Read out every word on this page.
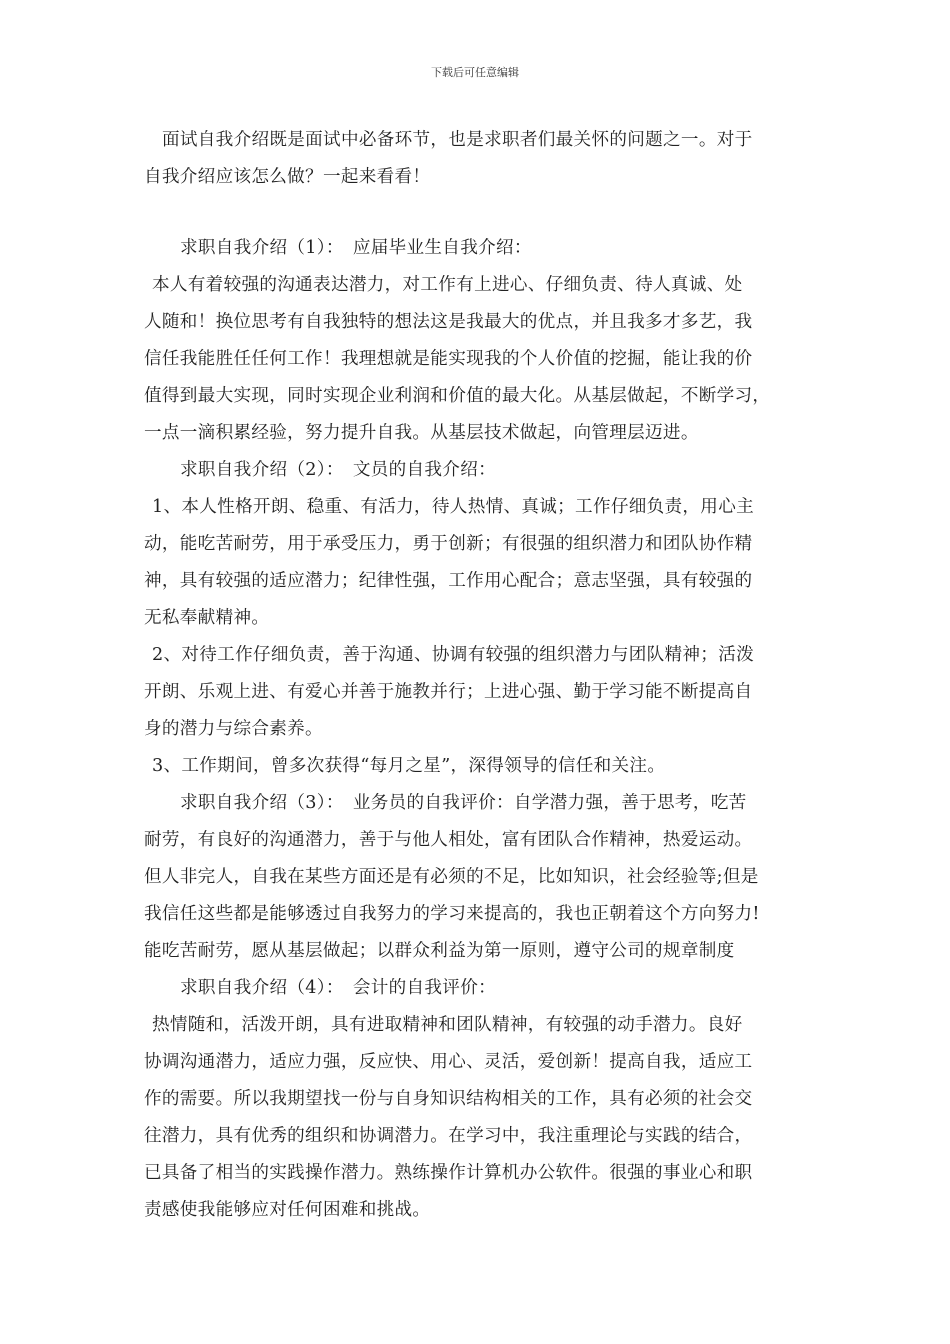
下载后可任意编辑

面试自我介绍既是面试中必备环节，也是求职者们最关怀的问题之一。对于

自我介绍应该怎么做？一起来看看！

求职自我介绍（1）：　应届毕业生自我介绍：

本人有着较强的沟通表达潜力，对工作有上进心、仔细负责、待人真诚、处

人随和！换位思考有自我独特的想法这是我最大的优点，并且我多才多艺，我

信任我能胜任任何工作！我理想就是能实现我的个人价值的挖掘，能让我的价

值得到最大实现，同时实现企业利润和价值的最大化。从基层做起，不断学习，

一点一滴积累经验，努力提升自我。从基层技术做起，向管理层迈进。

求职自我介绍（2）：　文员的自我介绍：

1、本人性格开朗、稳重、有活力，待人热情、真诚；工作仔细负责，用心主

动，能吃苦耐劳，用于承受压力，勇于创新；有很强的组织潜力和团队协作精

神，具有较强的适应潜力；纪律性强，工作用心配合；意志坚强，具有较强的

无私奉献精神。

2、对待工作仔细负责，善于沟通、协调有较强的组织潜力与团队精神；活泼

开朗、乐观上进、有爱心并善于施教并行；上进心强、勤于学习能不断提高自

身的潜力与综合素养。

3、工作期间，曾多次获得“每月之星”，深得领导的信任和关注。

求职自我介绍（3）：　业务员的自我评价：自学潜力强，善于思考，吃苦

耐劳，有良好的沟通潜力，善于与他人相处，富有团队合作精神，热爱运动。

但人非完人，自我在某些方面还是有必须的不足，比如知识，社会经验等;但是

我信任这些都是能够透过自我努力的学习来提高的，我也正朝着这个方向努力!

能吃苦耐劳，愿从基层做起；以群众利益为第一原则，遵守公司的规章制度

求职自我介绍（4）：　会计的自我评价：

热情随和，活泼开朗，具有进取精神和团队精神，有较强的动手潜力。良好

协调沟通潜力，适应力强，反应快、用心、灵活，爱创新！提高自我，适应工

作的需要。所以我期望找一份与自身知识结构相关的工作，具有必须的社会交

往潜力，具有优秀的组织和协调潜力。在学习中，我注重理论与实践的结合，

已具备了相当的实践操作潜力。熟练操作计算机办公软件。很强的事业心和职

责感使我能够应对任何困难和挑战。
